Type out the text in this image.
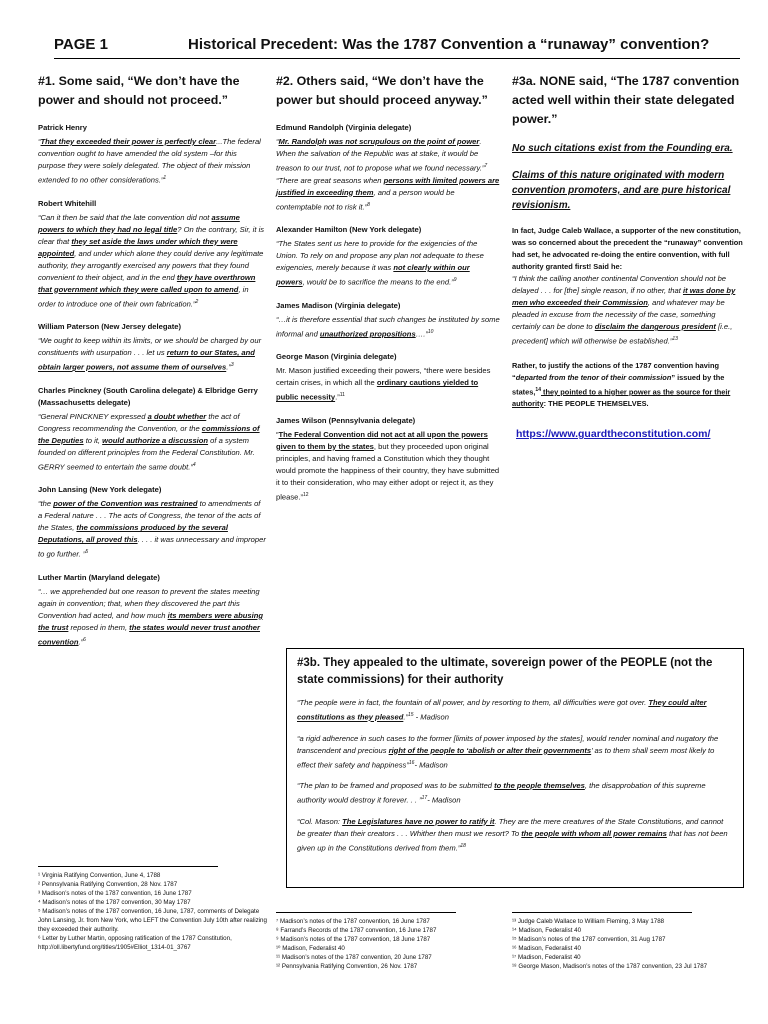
PAGE 1	Historical Precedent: Was the 1787 Convention a “runaway” convention?
#1. Some said, “We don’t have the power and should not proceed.”
Patrick Henry
“That they exceeded their power is perfectly clear...The federal convention ought to have amended the old system –for this purpose they were solely delegated. The object of their mission extended to no other considerations.”$^1$
Robert Whitehill
“Can it then be said that the late convention did not assume powers to which they had no legal title? On the contrary, Sir, it is clear that they set aside the laws under which they were appointed, and under which alone they could derive any legitimate authority, they arrogantly exercised any powers that they found convenient to their object, and in the end they have overthrown that government which they were called upon to amend, in order to introduce one of their own fabrication.”$^2$
William Paterson (New Jersey delegate)
“We ought to keep within its limits, or we should be charged by our constituents with usurpation . . . let us return to our States, and obtain larger powers, not assume them of ourselves.”$^3$
Charles Pinckney (South Carolina delegate) & Elbridge Gerry (Massachusetts delegate)
“General PINCKNEY expressed a doubt whether the act of Congress recommending the Convention, or the commissions of the Deputies to it, would authorize a discussion of a system founded on different principles from the Federal Constitution. Mr. GERRY seemed to entertain the same doubt.”$^4$
John Lansing (New York delegate)
“the power of the Convention was restrained to amendments of a Federal nature . . . The acts of Congress, the tenor of the acts of the States, the commissions produced by the several Deputations, all proved this. . . . it was unnecessary and improper to go further. ”$^5$
Luther Martin (Maryland delegate)
“… we apprehended but one reason to prevent the states meeting again in convention; that, when they discovered the part this Convention had acted, and how much its members were abusing the trust reposed in them, the states would never trust another convention.”$^6$
#2. Others said, “We don’t have the power but should proceed anyway.”
Edmund Randolph (Virginia delegate)
“Mr. Randolph was not scrupulous on the point of power. When the salvation of the Republic was at stake, it would be treason to our trust, not to propose what we found necessary.”$^7$ “There are great seasons when persons with limited powers are justified in exceeding them, and a person would be contemptable not to risk it.”$^8$
Alexander Hamilton (New York delegate)
“The States sent us here to provide for the exigencies of the Union. To rely on and propose any plan not adequate to these exigencies, merely because it was not clearly within our powers, would be to sacrifice the means to the end.”$^9$
James Madison (Virginia delegate)
“…it is therefore essential that such changes be instituted by some informal and unauthorized propositions….”$^{10}$
George Mason (Virginia delegate)
Mr. Mason justified exceeding their powers, “there were besides certain crises, in which all the ordinary cautions yielded to public necessity.”$^{11}$
James Wilson (Pennsylvania delegate)
“The Federal Convention did not act at all upon the powers given to them by the states, but they proceeded upon original principles, and having framed a Constitution which they thought would promote the happiness of their country, they have submitted it to their consideration, who may either adopt or reject it, as they please.”$^{12}$
#3a. NONE said, “The 1787 convention acted well within their state delegated power.”
No such citations exist from the Founding era.
Claims of this nature originated with modern convention promoters, and are pure historical revisionism.
In fact, Judge Caleb Wallace, a supporter of the new constitution, was so concerned about the precedent the “runaway” convention had set, he advocated re-doing the entire convention, with full authority granted first! Said he:
“I think the calling another continental Convention should not be delayed . . . for [the] single reason, if no other, that it was done by men who exceeded their Commission, and whatever may be pleaded in excuse from the necessity of the case, something certainly can be done to disclaim the dangerous president [i.e., precedent] which will otherwise be established.”$^{13}$
Rather, to justify the actions of the 1787 convention having “departed from the tenor of their commission” issued by the states,$^{14}$ they pointed to a higher power as the source for their authority: THE PEOPLE THEMSELVES.
https://www.guardtheconstitution.com/
#3b. They appealed to the ultimate, sovereign power of the PEOPLE (not the state commissions) for their authority
“The people were in fact, the fountain of all power, and by resorting to them, all difficulties were got over. They could alter constitutions as they pleased.”$^{15}$ - Madison
“a rigid adherence in such cases to the former [limits of power imposed by the states], would render nominal and nugatory the transcendent and precious right of the people to ‘abolish or alter their governments’ as to them shall seem most likely to effect their safety and happiness”$^{16}$- Madison
“The plan to be framed and proposed was to be submitted to the people themselves, the disapprobation of this supreme authority would destroy it forever. . . ”$^{17}$- Madison
“Col. Mason: The Legislatures have no power to ratify it. They are the mere creatures of the State Constitutions, and cannot be greater than their creators . . . Whither then must we resort? To the people with whom all power remains that has not been given up in the Constitutions derived from them.”$^{18}$
¹ Virginia Ratifying Convention, June 4, 1788
² Pennsylvania Ratifying Convention, 28 Nov. 1787
³ Madison’s notes of the 1787 convention, 16 June 1787
⁴ Madison’s notes of the 1787 convention, 30 May 1787
⁵ Madison’s notes of the 1787 convention, 16 June, 1787, comments of Delegate John Lansing, Jr. from New York, who LEFT the Convention July 10th after realizing they exceeded their authority.
⁶ Letter by Luther Martin, opposing ratification of the 1787 Constitution,
http://oll.libertyfund.org/titles/1905#Elliot_1314-01_3767
⁷ Madison’s notes of the 1787 convention, 16 June 1787
⁸ Farrand’s Records of the 1787 convention, 16 June 1787
⁹ Madison’s notes of the 1787 convention, 18 June 1787
¹⁰ Madison, Federalist 40
¹¹ Madison’s notes of the 1787 convention, 20 June 1787
¹² Pennsylvania Ratifying Convention, 26 Nov. 1787
¹³ Judge Caleb Wallace to William Fleming, 3 May 1788
¹⁴ Madison, Federalist 40
¹⁵ Madison’s notes of the 1787 convention, 31 Aug 1787
¹⁶ Madison, Federalist 40
¹⁷ Madison, Federalist 40
¹⁸ George Mason, Madison’s notes of the 1787 convention, 23 Jul 1787
